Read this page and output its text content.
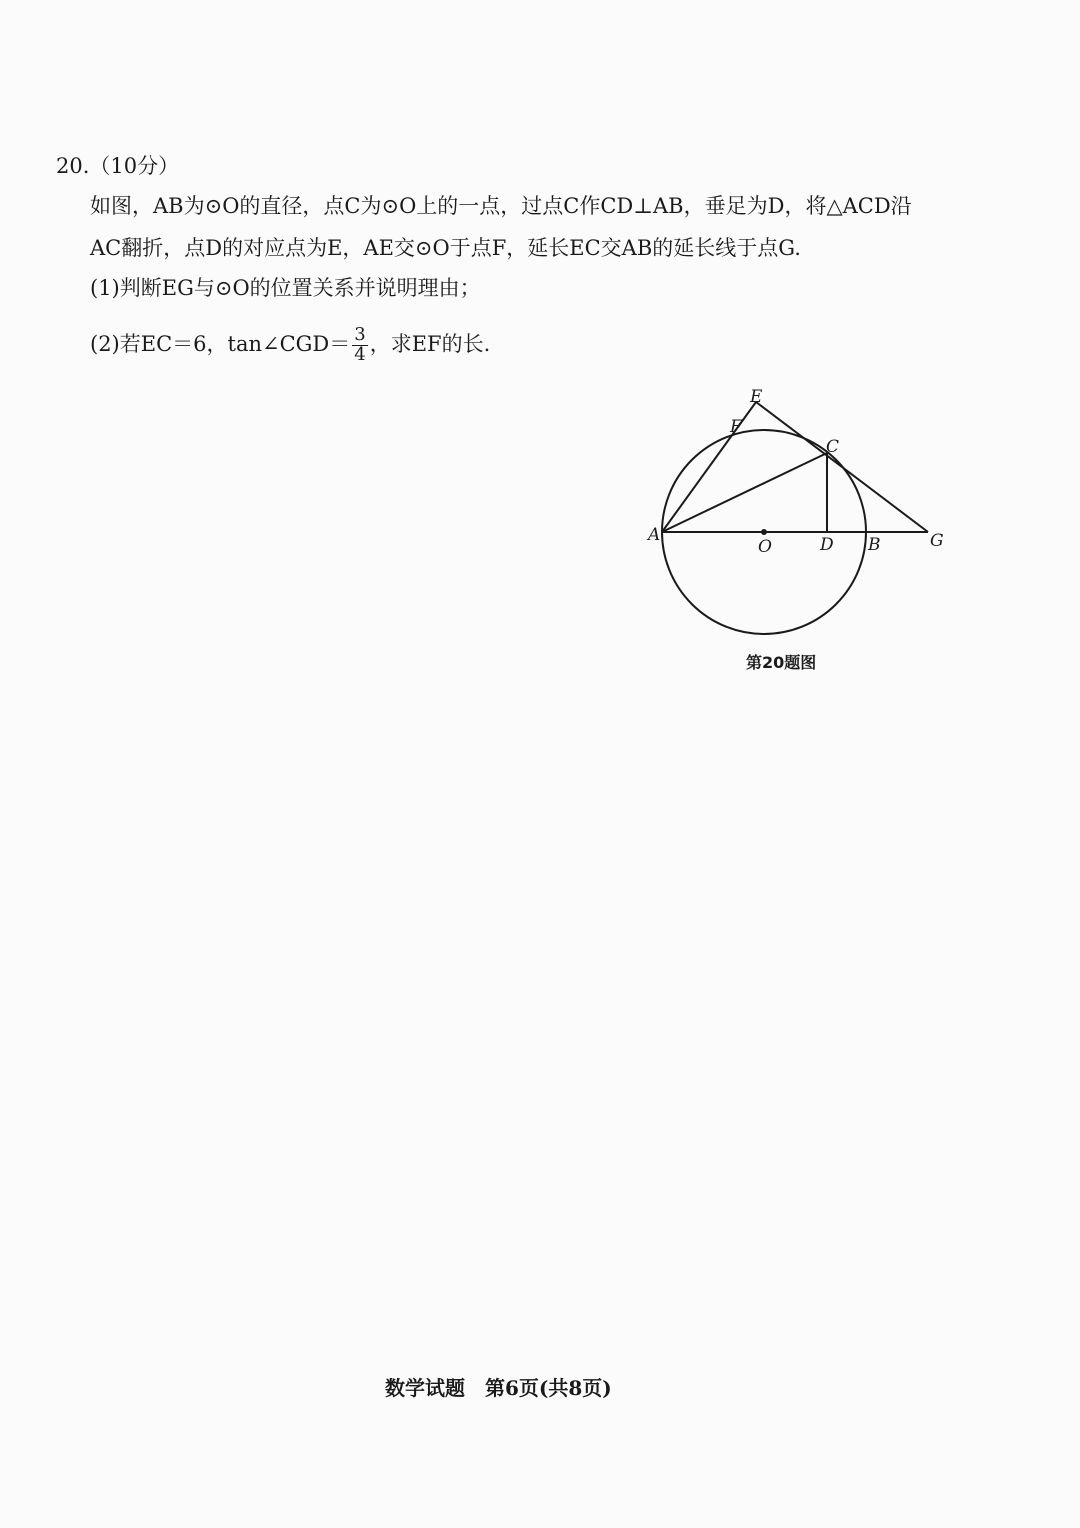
20.（10分）
如图，AB为⊙O的直径，点C为⊙O上的一点，过点C作CD⊥AB，垂足为D，将△ACD沿
AC翻折，点D的对应点为E，AE交⊙O于点F，延长EC交AB的延长线于点G.
(1)判断EG与⊙O的位置关系并说明理由；
(2)若EC＝6，tan∠CGD＝ $\frac{3}{4}$ ，求EF的长.
E
F
C
A
O	D B	G
第20题图
数学试题　第6页(共8页)
